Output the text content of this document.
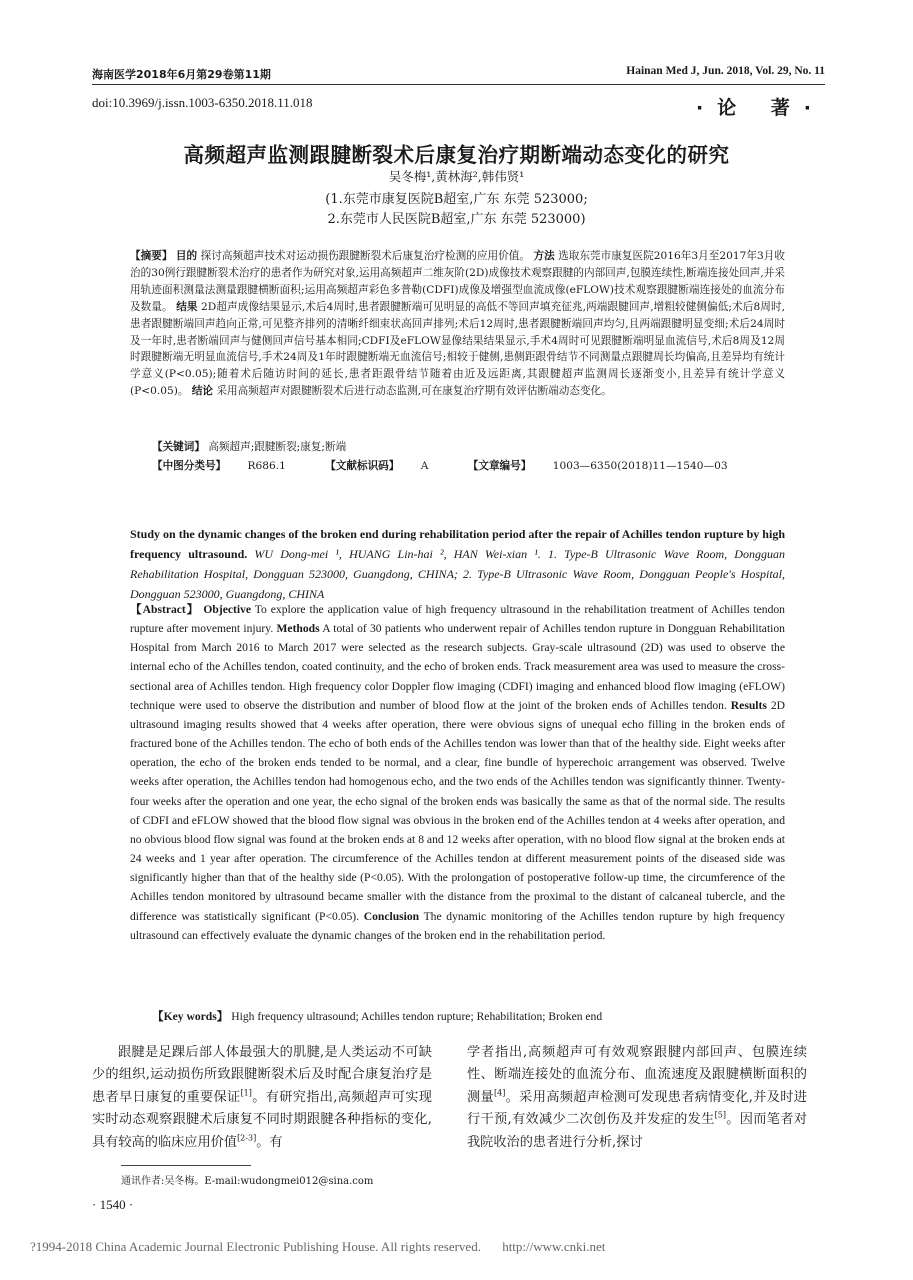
海南医学2018年6月第29卷第11期	Hainan Med J, Jun. 2018, Vol. 29, No. 11
doi:10.3969/j.issn.1003-6350.2018.11.018	·论 著·
高频超声监测跟腱断裂术后康复治疗期断端动态变化的研究
吴冬梅¹,黄林海²,韩伟贤¹
(1.东莞市康复医院B超室,广东 东莞 523000;
2.东莞市人民医院B超室,广东 东莞 523000)
【摘要】 目的 探讨高频超声技术对运动损伤跟腱断裂术后康复治疗检测的应用价值。 方法 选取东莞市康复医院2016年3月至2017年3月收治的30例行跟腱断裂术治疗的患者作为研究对象,运用高频超声二维灰阶(2D)成像技术观察跟腱的内部回声,包膜连续性,断端连接处回声,并采用轨迹面积测量法测量跟腱横断面积;运用高频超声彩色多普勒(CDFI)成像及增强型血流成像(eFLOW)技术观察跟腱断端连接处的血流分布及数量。 结果 2D超声成像结果显示,术后4周时,患者跟腱断端可见明显的高低不等回声填充征兆,两端跟腱回声,增粗较健侧偏低;术后8周时,患者跟腱断端回声趋向正常,可见整齐排列的清晰纤细束状高回声排列;术后12周时,患者跟腱断端回声均匀,且两端跟腱明显变细;术后24周时及一年时,患者断端回声与健侧回声信号基本相同;CDFI及eFLOW显像结果结果显示,手术4周时可见跟腱断端明显血流信号,术后8周及12周时跟腱断端无明显血流信号,手术24周及1年时跟腱断端无血流信号;相较于健侧,患侧距跟骨结节不同测量点跟腱周长均偏高,且差异均有统计学意义(P<0.05);随着术后随访时间的延长,患者距跟骨结节随着由近及远距离,其跟腱超声监测周长逐渐变小,且差异有统计学意义(P<0.05)。 结论 采用高频超声对跟腱断裂术后进行动态监测,可在康复治疗期有效评估断端动态变化。
【关键词】 高频超声;跟腱断裂;康复;断端
【中图分类号】 R686.1	【文献标识码】 A	【文章编号】 1003—6350(2018)11—1540—03
Study on the dynamic changes of the broken end during rehabilitation period after the repair of Achilles tendon rupture by high frequency ultrasound. WU Dong-mei ¹, HUANG Lin-hai ², HAN Wei-xian ¹. 1. Type-B Ultrasonic Wave Room, Dongguan Rehabilitation Hospital, Dongguan 523000, Guangdong, CHINA; 2. Type-B Ultrasonic Wave Room, Dongguan People's Hospital, Dongguan 523000, Guangdong, CHINA
【Abstract】 Objective To explore the application value of high frequency ultrasound in the rehabilitation treatment of Achilles tendon rupture after movement injury. Methods A total of 30 patients who underwent repair of Achilles tendon rupture in Dongguan Rehabilitation Hospital from March 2016 to March 2017 were selected as the research subjects. Gray-scale ultrasound (2D) was used to observe the internal echo of the Achilles tendon, coated continuity, and the echo of broken ends. Track measurement area was used to measure the cross-sectional area of Achilles tendon. High frequency color Doppler flow imaging (CDFI) imaging and enhanced blood flow imaging (eFLOW) technique were used to observe the distribution and number of blood flow at the joint of the broken ends of Achilles tendon. Results 2D ultrasound imaging results showed that 4 weeks after operation, there were obvious signs of unequal echo filling in the broken ends of fractured bone of the Achilles tendon. The echo of both ends of the Achilles tendon was lower than that of the healthy side. Eight weeks after operation, the echo of the broken ends tended to be normal, and a clear, fine bundle of hyperechoic arrangement was observed. Twelve weeks after operation, the Achilles tendon had homogenous echo, and the two ends of the Achilles tendon was significantly thinner. Twenty-four weeks after the operation and one year, the echo signal of the broken ends was basically the same as that of the normal side. The results of CDFI and eFLOW showed that the blood flow signal was obvious in the broken end of the Achilles tendon at 4 weeks after operation, and no obvious blood flow signal was found at the broken ends at 8 and 12 weeks after operation, with no blood flow signal at the broken ends at 24 weeks and 1 year after operation. The circumference of the Achilles tendon at different measurement points of the diseased side was significantly higher than that of the healthy side (P<0.05). With the prolongation of postoperative follow-up time, the circumference of the Achilles tendon monitored by ultrasound became smaller with the distance from the proximal to the distant of calcaneal tubercle, and the difference was statistically significant (P<0.05). Conclusion The dynamic monitoring of the Achilles tendon rupture by high frequency ultrasound can effectively evaluate the dynamic changes of the broken end in the rehabilitation period.
【Key words】 High frequency ultrasound; Achilles tendon rupture; Rehabilitation; Broken end
跟腱是足踝后部人体最强大的肌腱,是人类运动不可缺少的组织,运动损伤所致跟腱断裂术后及时配合康复治疗是患者早日康复的重要保证[1]。有研究指出,高频超声可实现实时动态观察跟腱术后康复不同时期跟腱各种指标的变化,具有较高的临床应用价值[2-3]。有
学者指出,高频超声可有效观察跟腱内部回声、包膜连续性、断端连接处的血流分布、血流速度及跟腱横断面积的测量[4]。采用高频超声检测可发现患者病情变化,并及时进行干预,有效减少二次创伤及并发症的发生[5]。因而笔者对我院收治的患者进行分析,探讨
通讯作者:吴冬梅。E-mail:wudongmei012@sina.com
· 1540 ·
?1994-2018 China Academic Journal Electronic Publishing House. All rights reserved. http://www.cnki.net
